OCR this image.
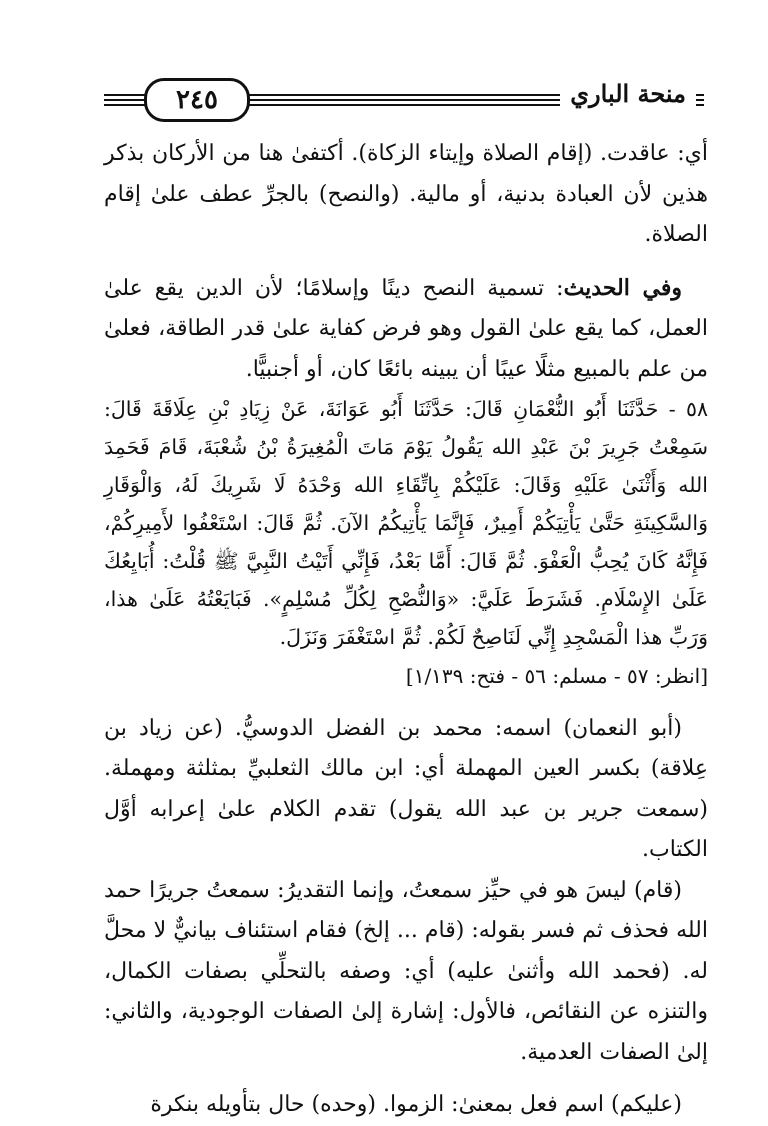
٢٤٥	منحة الباري

أي: عاقدت. (إقام الصلاة وإيتاء الزكاة). أكتفىٰ هنا من الأركان بذكر هذين لأن العبادة بدنية، أو مالية. (والنصح) بالجرِّ عطف علىٰ إقام الصلاة.

وفي الحديث: تسمية النصح دينًا وإسلامًا؛ لأن الدين يقع علىٰ العمل، كما يقع علىٰ القول وهو فرض كفاية علىٰ قدر الطاقة، فعلىٰ من علم بالمبيع مثلًا عيبًا أن يبينه بائعًا كان، أو أجنبيًّا.

٥٨ - حَدَّثَنَا أَبُو النُّعْمَانِ قَالَ: حَدَّثَنَا أَبُو عَوَانَةَ، عَنْ زِيَادِ بْنِ عِلَاقَةَ قَالَ: سَمِعْتُ جَرِيرَ بْنَ عَبْدِ الله يَقُولُ يَوْمَ مَاتَ الْمُغِيرَةُ بْنُ شُعْبَةَ، قَامَ فَحَمِدَ الله وَأَثْنَىٰ عَلَيْهِ وَقَالَ: عَلَيْكُمْ بِاتِّقَاءِ الله وَحْدَهُ لَا شَرِيكَ لَهُ، وَالْوَقَارِ وَالسَّكِينَةِ حَتَّىٰ يَأْتِيَكُمْ أَمِيرٌ، فَإِنَّمَا يَأْتِيكُمُ الآنَ. ثُمَّ قَالَ: اسْتَعْفُوا لأَمِيرِكُمْ، فَإِنَّهُ كَانَ يُحِبُّ الْعَفْوَ. ثُمَّ قَالَ: أَمَّا بَعْدُ، فَإِنِّي أَتَيْتُ النَّبِيَّ ﷺ قُلْتُ: أُبَايِعُكَ عَلَىٰ الإِسْلَامِ. فَشَرَطَ عَلَيَّ: «وَالنُّصْحِ لِكُلِّ مُسْلِمٍ». فَبَايَعْتُهُ عَلَىٰ هذا، وَرَبِّ هذا الْمَسْجِدِ إِنِّي لَنَاصِحٌ لَكُمْ. ثُمَّ اسْتَغْفَرَ وَنَزَلَ.

[انظر: ٥٧ - مسلم: ٥٦ - فتح: ١/١٣٩]

(أبو النعمان) اسمه: محمد بن الفضل الدوسيُّ. (عن زياد بن عِلاقة) بكسر العين المهملة أي: ابن مالك الثعلبيِّ بمثلثة ومهملة. (سمعت جرير بن عبد الله يقول) تقدم الكلام علىٰ إعرابه أوَّل الكتاب.

(قام) ليسَ هو في حيِّز سمعتُ، وإنما التقديرُ: سمعتُ جريرًا حمد الله فحذف ثم فسر بقوله: (قام ... إلخ) فقام استئناف بيانيٌّ لا محلَّ له. (فحمد الله وأثنىٰ عليه) أي: وصفه بالتحلِّي بصفات الكمال، والتنزه عن النقائص، فالأول: إشارة إلىٰ الصفات الوجودية، والثاني: إلىٰ الصفات العدمية.

(عليكم) اسم فعل بمعنىٰ: الزموا. (وحده) حال بتأويله بنكرة
